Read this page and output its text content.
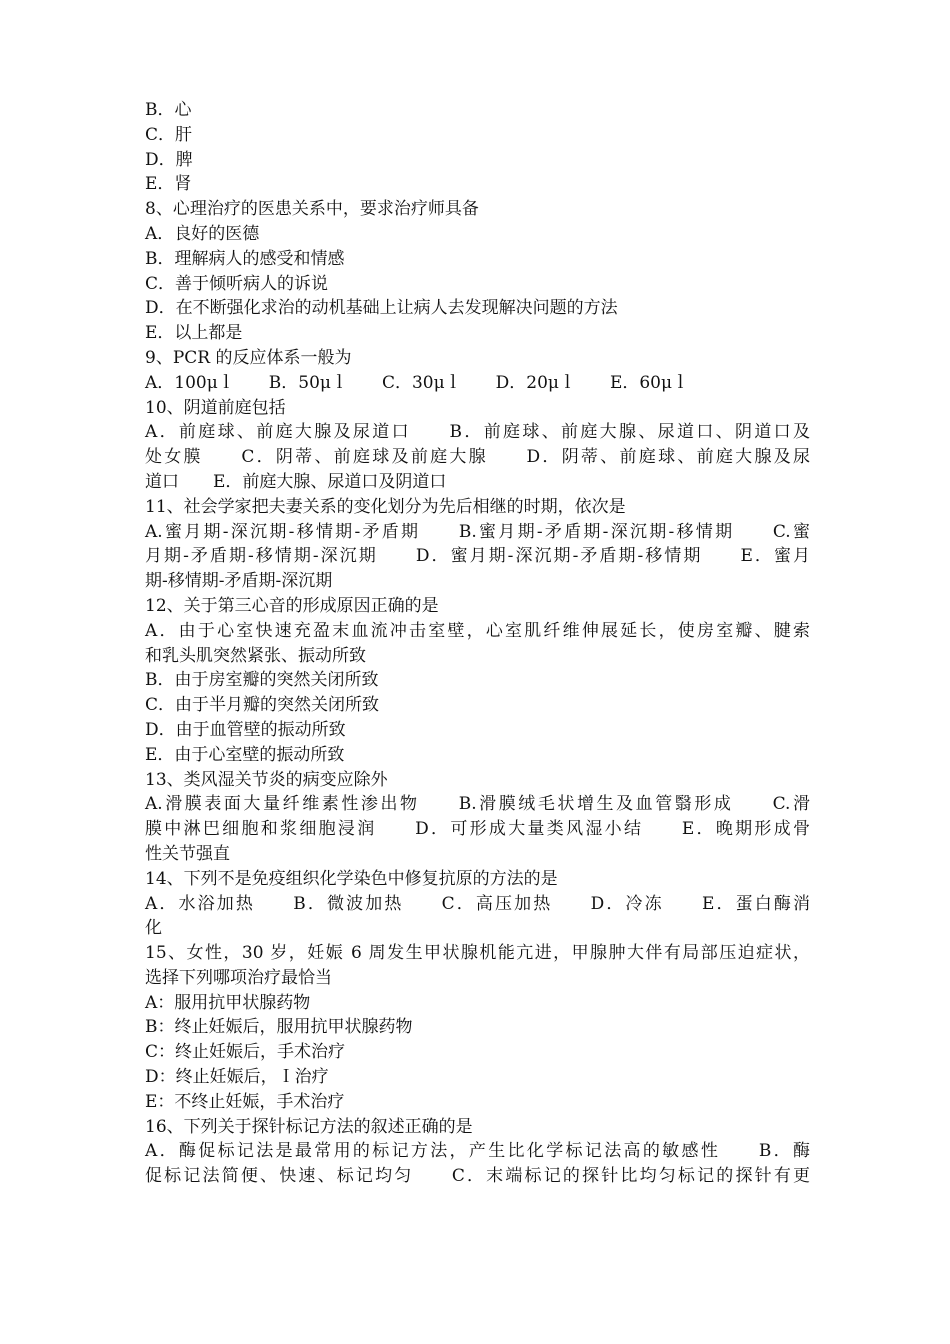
B．心
C．肝
D．脾
E．肾
8、心理治疗的医患关系中，要求治疗师具备
A．良好的医德
B．理解病人的感受和情感
C．善于倾听病人的诉说
D．在不断强化求治的动机基础上让病人去发现解决问题的方法
E．以上都是
9、PCR 的反应体系一般为
A．100μｌ　　B．50μｌ　　C．30μｌ　　D．20μｌ　　E．60μｌ
10、阴道前庭包括
A．前庭球、前庭大腺及尿道口　　B．前庭球、前庭大腺、尿道口、阴道口及
处女膜　　C．阴蒂、前庭球及前庭大腺　　D．阴蒂、前庭球、前庭大腺及尿
道口　　E．前庭大腺、尿道口及阴道口
11、社会学家把夫妻关系的变化划分为先后相继的时期，依次是
A.蜜月期-深沉期-移情期-矛盾期　　B.蜜月期-矛盾期-深沉期-移情期　　C.蜜
月期-矛盾期-移情期-深沉期　　D．蜜月期-深沉期-矛盾期-移情期　　E．蜜月
期-移情期-矛盾期-深沉期
12、关于第三心音的形成原因正确的是
A．由于心室快速充盈末血流冲击室壁，心室肌纤维伸展延长，使房室瓣、腱索
和乳头肌突然紧张、振动所致
B．由于房室瓣的突然关闭所致
C．由于半月瓣的突然关闭所致
D．由于血管壁的振动所致
E．由于心室壁的振动所致
13、类风湿关节炎的病变应除外
A.滑膜表面大量纤维素性渗出物　　B.滑膜绒毛状增生及血管翳形成　　C.滑
膜中淋巴细胞和浆细胞浸润　　D．可形成大量类风湿小结　　E．晚期形成骨
性关节强直
14、下列不是免疫组织化学染色中修复抗原的方法的是
A．水浴加热　　B．微波加热　　C．高压加热　　D．冷冻　　E．蛋白酶消
化
15、女性，30 岁，妊娠 6 周发生甲状腺机能亢进，甲腺肿大伴有局部压迫症状，
选择下列哪项治疗最恰当
A：服用抗甲状腺药物
B：终止妊娠后，服用抗甲状腺药物
C：终止妊娠后，手术治疗
D：终止妊娠后，Ｉ治疗
E：不终止妊娠，手术治疗
16、下列关于探针标记方法的叙述正确的是
A．酶促标记法是最常用的标记方法，产生比化学标记法高的敏感性　　B．酶
促标记法简便、快速、标记均匀　　C．末端标记的探针比均匀标记的探针有更
